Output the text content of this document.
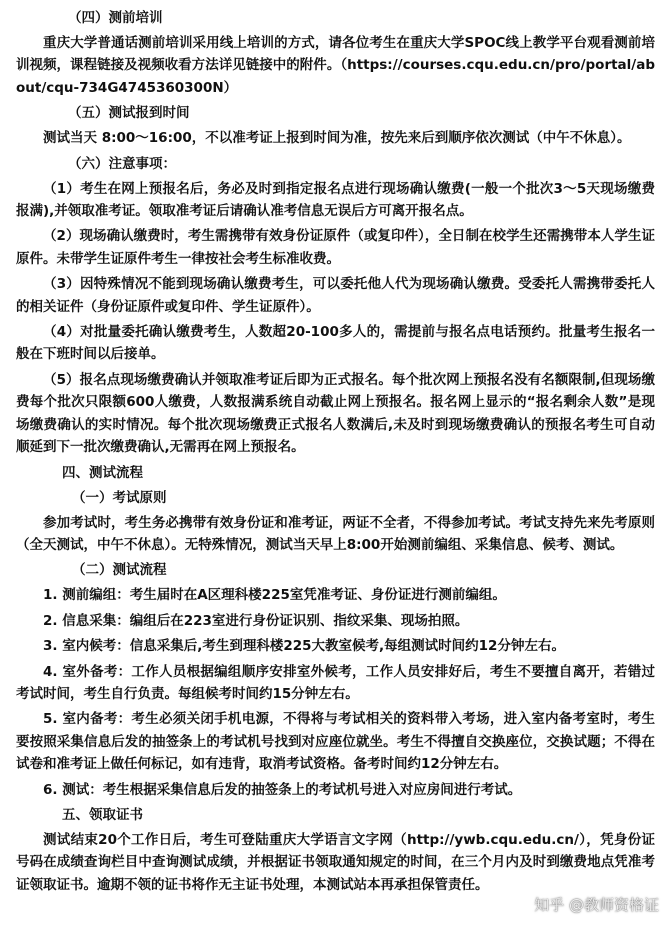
（四）测前培训

重庆大学普通话测前培训采用线上培训的方式，请各位考生在重庆大学SPOC线上教学平台观看测前培训视频，课程链接及视频收看方法详见链接中的附件。（https://courses.cqu.edu.cn/pro/portal/about/cqu-734G4745360300N）

（五）测试报到时间

测试当天 8:00～16:00，不以准考证上报到时间为准，按先来后到顺序依次测试（中午不休息）。

（六）注意事项：

（1）考生在网上预报名后，务必及时到指定报名点进行现场确认缴费(一般一个批次3～5天现场缴费报满),并领取准考证。领取准考证后请确认准考信息无误后方可离开报名点。

（2）现场确认缴费时，考生需携带有效身份证原件（或复印件），全日制在校学生还需携带本人学生证原件。未带学生证原件考生一律按社会考生标准收费。

（3）因特殊情况不能到现场确认缴费考生，可以委托他人代为现场确认缴费。受委托人需携带委托人的相关证件（身份证原件或复印件、学生证原件）。

（4）对批量委托确认缴费考生，人数超20-100多人的，需提前与报名点电话预约。批量考生报名一般在下班时间以后接单。

（5）报名点现场缴费确认并领取准考证后即为正式报名。每个批次网上预报名没有名额限制,但现场缴费每个批次只限额600人缴费，人数报满系统自动截止网上预报名。报名网上显示的“报名剩余人数”是现场缴费确认的实时情况。每个批次现场缴费正式报名人数满后,未及时到现场缴费确认的预报名考生可自动顺延到下一批次缴费确认,无需再在网上预报名。

四、测试流程
（一）考试原则

参加考试时，考生务必携带有效身份证和准考证，两证不全者，不得参加考试。考试支持先来先考原则（全天测试，中午不休息）。无特殊情况，测试当天早上8:00开始测前编组、采集信息、候考、测试。

（二）测试流程

1. 测前编组：考生届时在A区理科楼225室凭准考证、身份证进行测前编组。

2. 信息采集：编组后在223室进行身份证识别、指纹采集、现场拍照。

3. 室内候考：信息采集后,考生到理科楼225大教室候考,每组测试时间约12分钟左右。

4. 室外备考：工作人员根据编组顺序安排室外候考，工作人员安排好后，考生不要擅自离开，若错过考试时间，考生自行负责。每组候考时间约15分钟左右。

5. 室内备考：考生必须关闭手机电源，不得将与考试相关的资料带入考场，进入室内备考室时，考生要按照采集信息后发的抽签条上的考试机号找到对应座位就坐。考生不得擅自交换座位，交换试题；不得在试卷和准考证上做任何标记，如有违背，取消考试资格。备考时间约12分钟左右。

6. 测试：考生根据采集信息后发的抽签条上的考试机号进入对应房间进行考试。

五、领取证书

测试结束20个工作日后，考生可登陆重庆大学语言文字网（http://ywb.cqu.edu.cn/），凭身份证号码在成绩查询栏目中查询测试成绩，并根据证书领取通知规定的时间，在三个月内及时到缴费地点凭准考证领取证书。逾期不领的证书将作无主证书处理，本测试站本再承担保管责任。

知乎 @教师资格证
